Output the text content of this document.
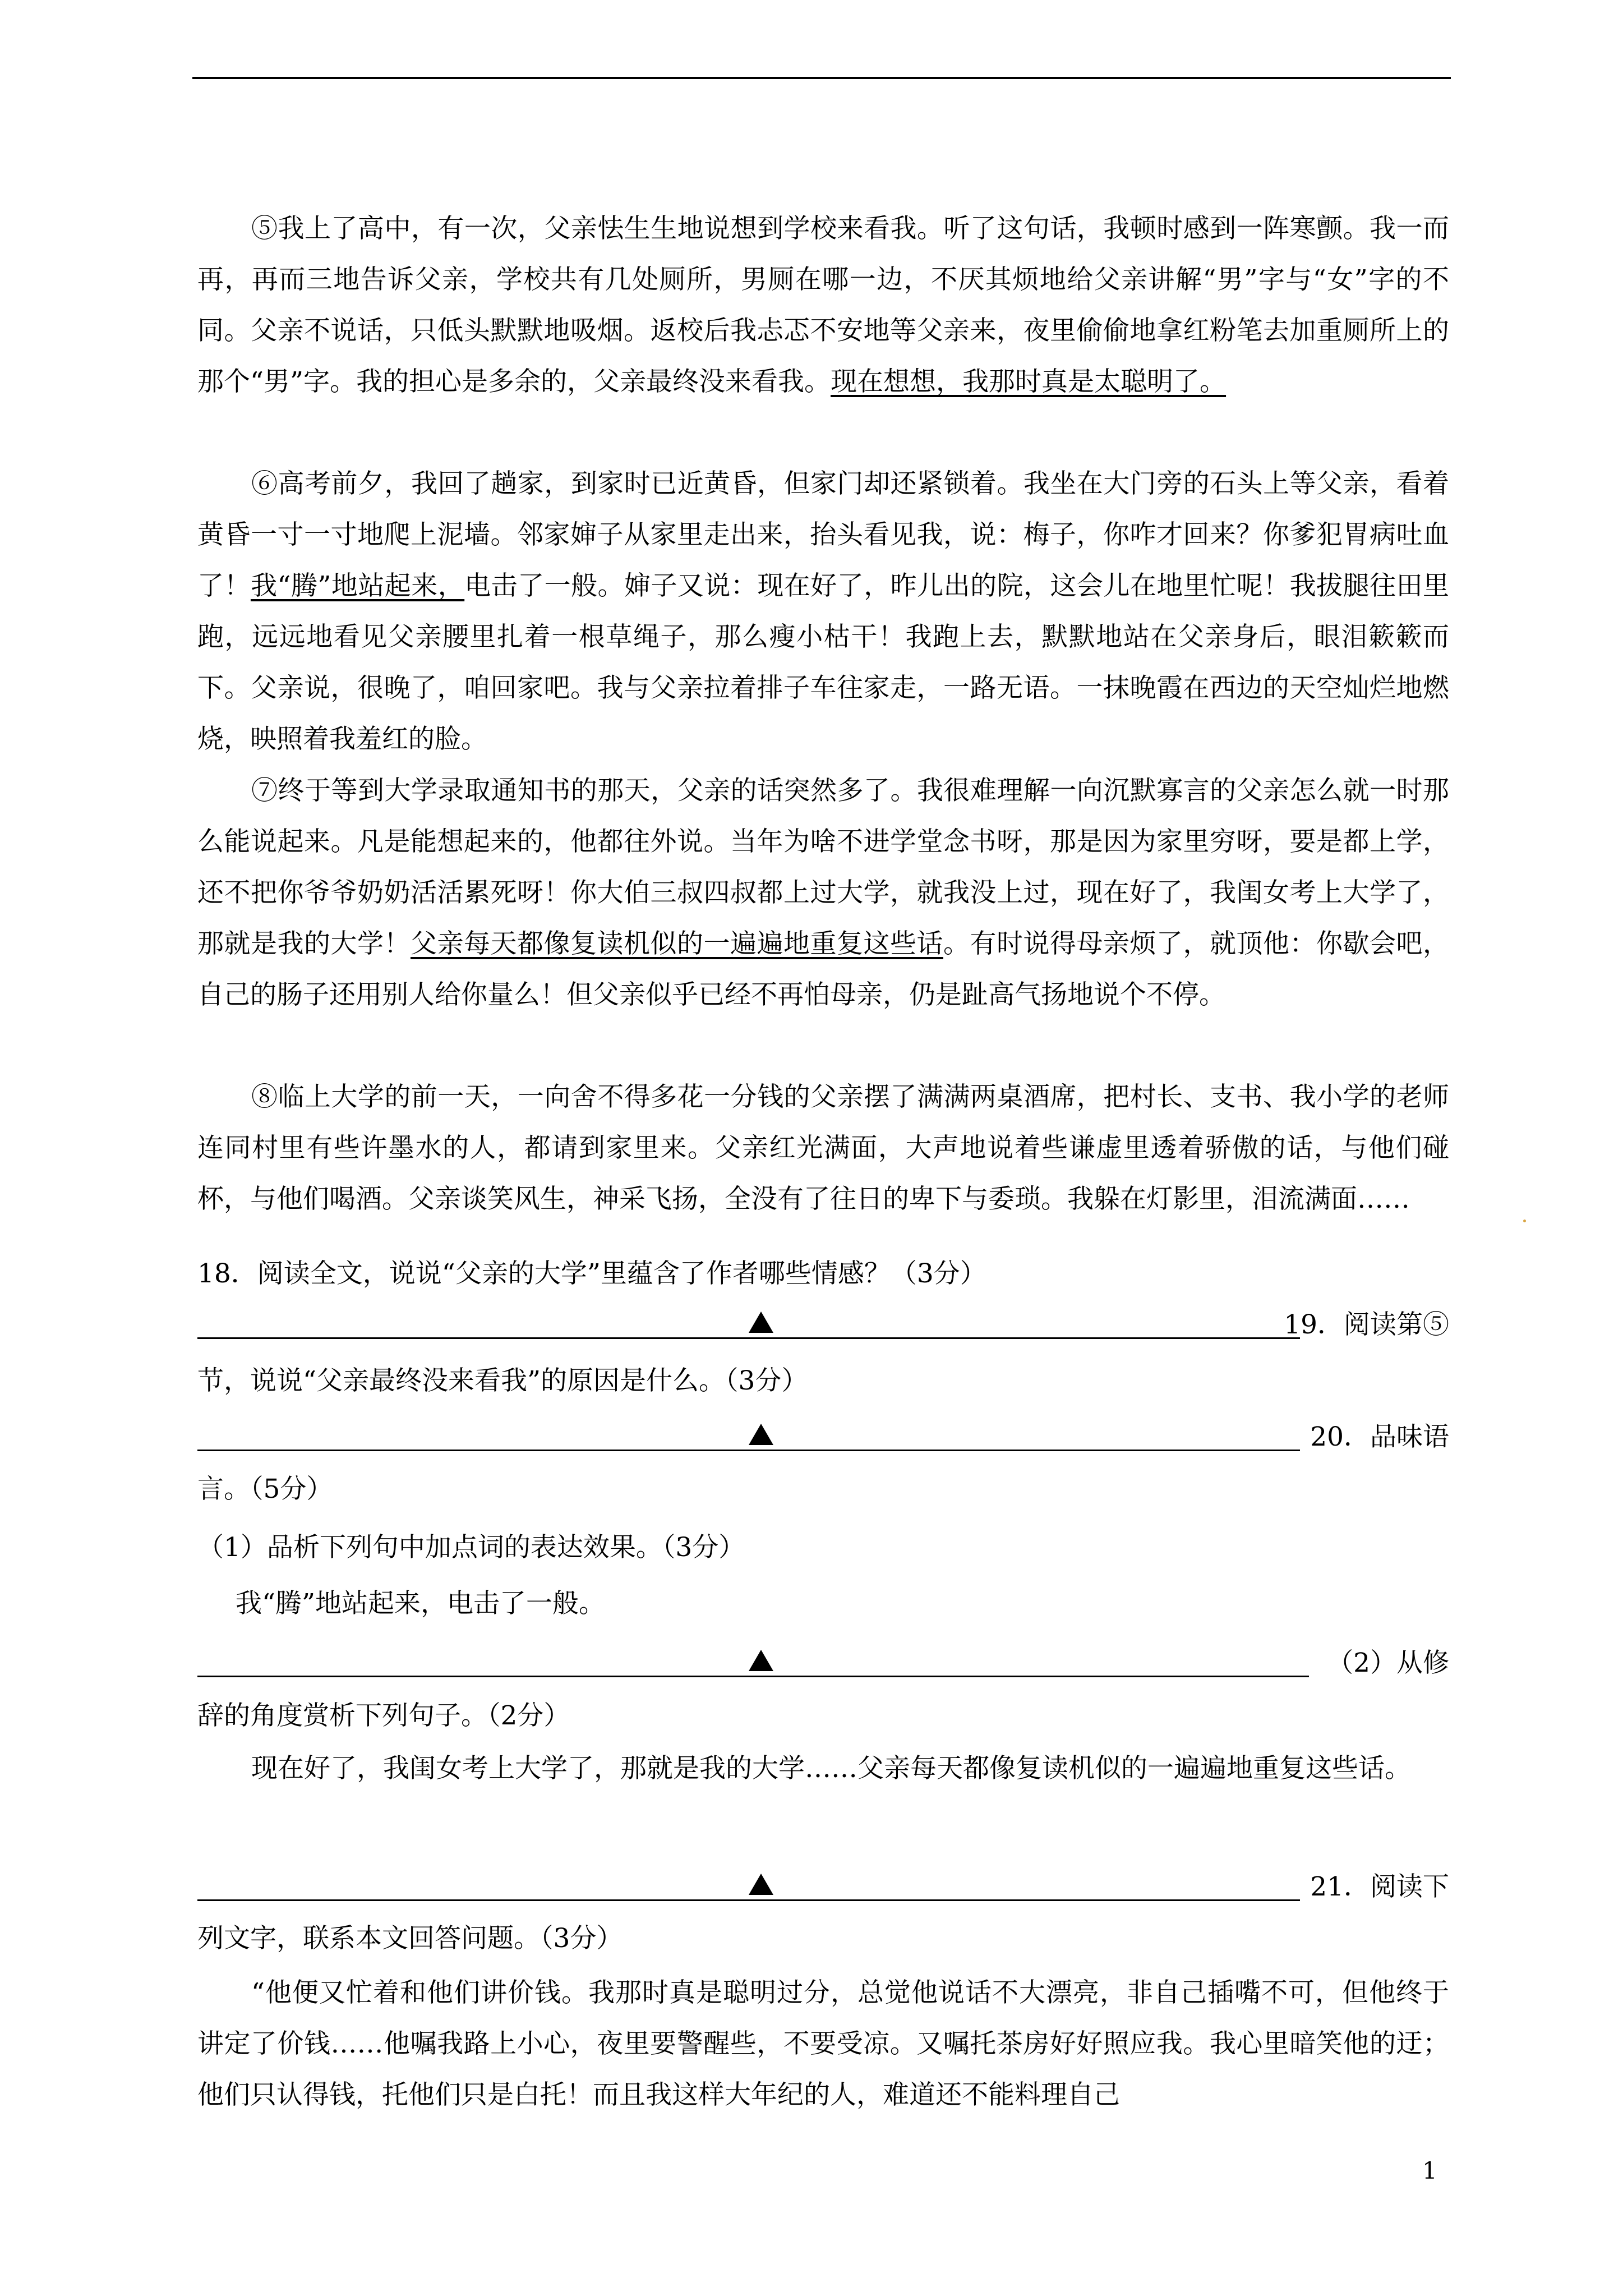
⑤我上了高中，有一次，父亲怯生生地说想到学校来看我。听了这句话，我顿时感到一阵寒颤。我一而再，再而三地告诉父亲，学校共有几处厕所，男厕在哪一边，不厌其烦地给父亲讲解“男”字与“女”字的不同。父亲不说话，只低头默默地吸烟。返校后我忐忑不安地等父亲来，夜里偷偷地拿红粉笔去加重厕所上的那个“男”字。我的担心是多余的，父亲最终没来看我。现在想想，我那时真是太聪明了。

⑥高考前夕，我回了趟家，到家时已近黄昏，但家门却还紧锁着。我坐在大门旁的石头上等父亲，看着黄昏一寸一寸地爬上泥墙。邻家婶子从家里走出来，抬头看见我，说：梅子，你咋才回来？你爹犯胃病吐血了！我“腾”地站起来，电击了一般。婶子又说：现在好了，昨儿出的院，这会儿在地里忙呢！我拔腿往田里跑，远远地看见父亲腰里扎着一根草绳子，那么瘦小枯干！我跑上去，默默地站在父亲身后，眼泪簌簌而下。父亲说，很晚了，咱回家吧。我与父亲拉着排子车往家走，一路无语。一抹晚霞在西边的天空灿烂地燃烧，映照着我羞红的脸。

⑦终于等到大学录取通知书的那天，父亲的话突然多了。我很难理解一向沉默寡言的父亲怎么就一时那么能说起来。凡是能想起来的，他都往外说。当年为啥不进学堂念书呀，那是因为家里穷呀，要是都上学，还不把你爷爷奶奶活活累死呀！你大伯三叔四叔都上过大学，就我没上过，现在好了，我闺女考上大学了，那就是我的大学！父亲每天都像复读机似的一遍遍地重复这些话。有时说得母亲烦了，就顶他：你歇会吧，自己的肠子还用别人给你量么！但父亲似乎已经不再怕母亲，仍是趾高气扬地说个不停。

⑧临上大学的前一天，一向舍不得多花一分钱的父亲摆了满满两桌酒席，把村长、支书、我小学的老师连同村里有些许墨水的人，都请到家里来。父亲红光满面，大声地说着些谦虚里透着骄傲的话，与他们碰杯，与他们喝酒。父亲谈笑风生，神采飞扬，全没有了往日的卑下与委琐。我躲在灯影里，泪流满面……

18．阅读全文，说说“父亲的大学”里蕴含了作者哪些情感？（3分）

19．阅读第⑤

节，说说“父亲最终没来看我”的原因是什么。（3分）

20．品味语

言。（5分）

（1）品析下列句中加点词的表达效果。（3分）

我“腾”地站起来，电击了一般。

（2）从修

辞的角度赏析下列句子。（2分）

现在好了，我闺女考上大学了，那就是我的大学……父亲每天都像复读机似的一遍遍地重复这些话。

21．阅读下

列文字，联系本文回答问题。（3分）

“他便又忙着和他们讲价钱。我那时真是聪明过分，总觉他说话不大漂亮，非自己插嘴不可，但他终于讲定了价钱……他嘱我路上小心，夜里要警醒些，不要受凉。又嘱托茶房好好照应我。我心里暗笑他的迂；他们只认得钱，托他们只是白托！而且我这样大年纪的人，难道还不能料理自己

1
